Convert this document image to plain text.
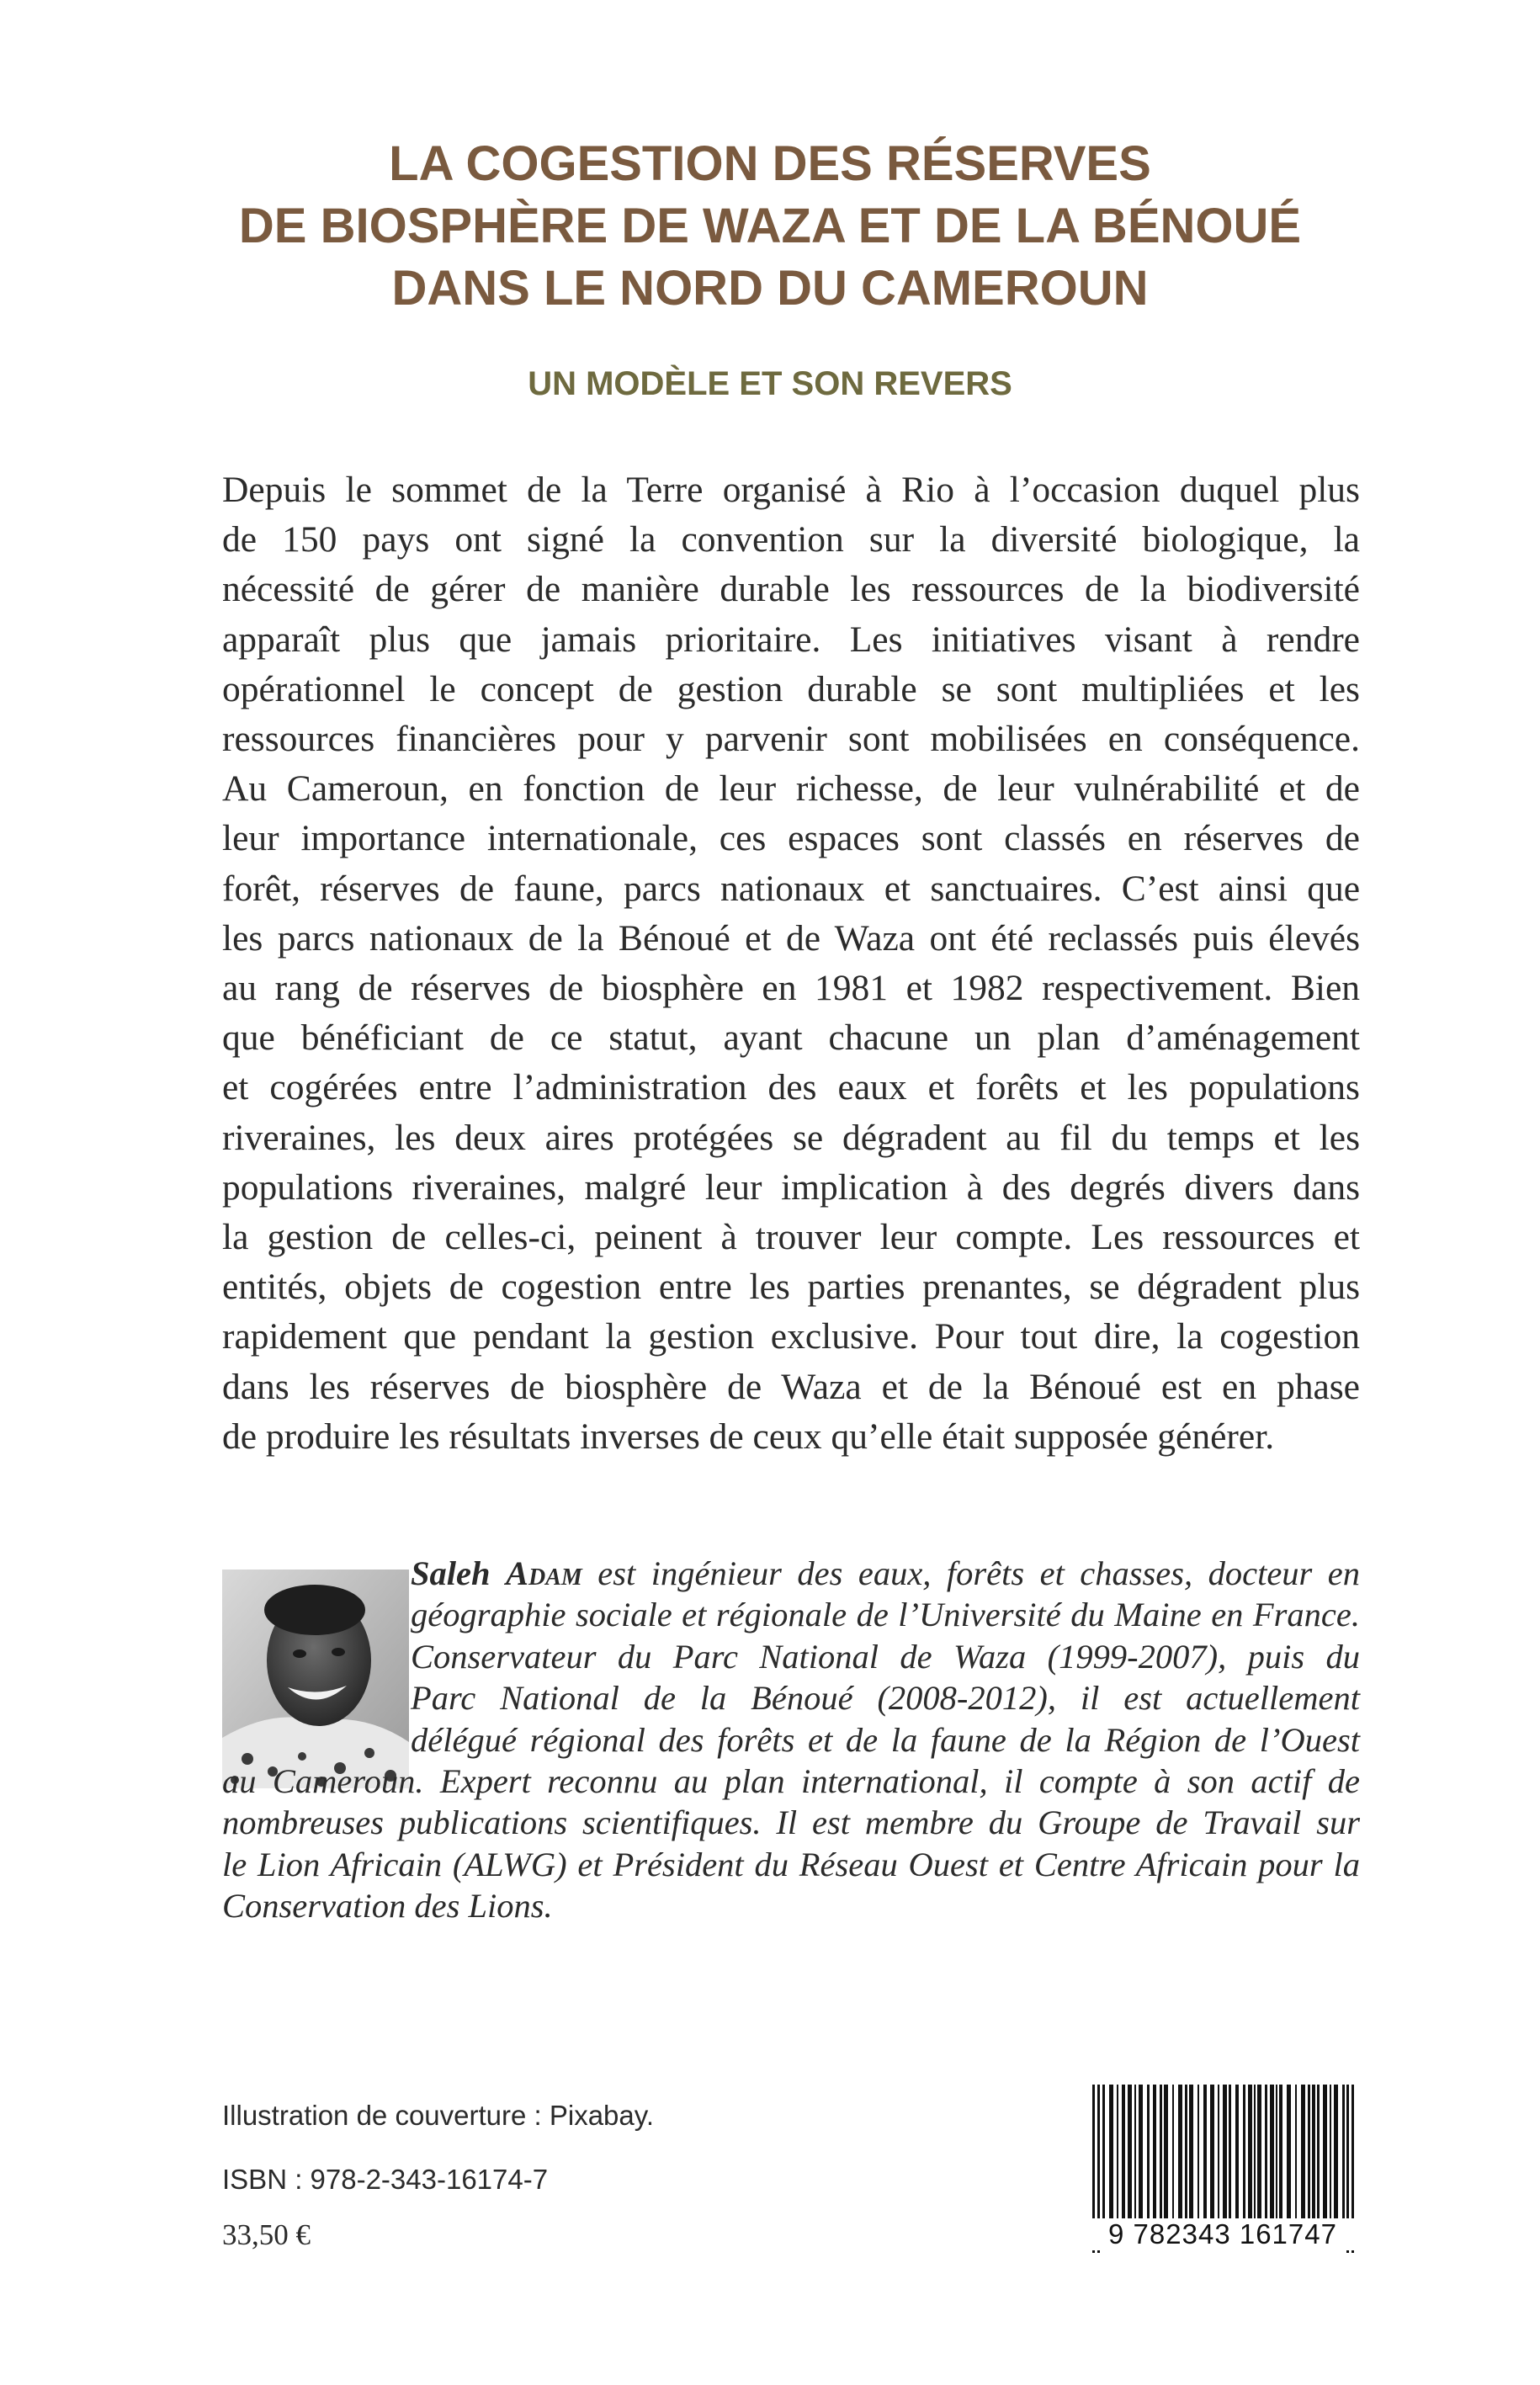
LA COGESTION DES RÉSERVES
DE BIOSPHÈRE DE WAZA ET DE LA BÉNOUÉ
DANS LE NORD DU CAMEROUN
UN MODÈLE ET SON REVERS
Depuis le sommet de la Terre organisé à Rio à l’occasion duquel plus
de 150 pays ont signé la convention sur la diversité biologique, la
nécessité de gérer de manière durable les ressources de la biodiversité
apparaît plus que jamais prioritaire. Les initiatives visant à rendre
opérationnel le concept de gestion durable se sont multipliées et les
ressources financières pour y parvenir sont mobilisées en conséquence.
Au Cameroun, en fonction de leur richesse, de leur vulnérabilité et de
leur importance internationale, ces espaces sont classés en réserves de
forêt, réserves de faune, parcs nationaux et sanctuaires. C’est ainsi que
les parcs nationaux de la Bénoué et de Waza ont été reclassés puis élevés
au rang de réserves de biosphère en 1981 et 1982 respectivement. Bien
que bénéficiant de ce statut, ayant chacune un plan d’aménagement
et cogérées entre l’administration des eaux et forêts et les populations
riveraines, les deux aires protégées se dégradent au fil du temps et les
populations riveraines, malgré leur implication à des degrés divers dans
la gestion de celles-ci, peinent à trouver leur compte. Les ressources et
entités, objets de cogestion entre les parties prenantes, se dégradent plus
rapidement que pendant la gestion exclusive. Pour tout dire, la cogestion
dans les réserves de biosphère de Waza et de la Bénoué est en phase
de produire les résultats inverses de ceux qu’elle était supposée générer.
Saleh Adam est ingénieur des eaux, forêts et chasses, docteur en
géographie sociale et régionale de l’Université du Maine en France.
Conservateur du Parc National de Waza (1999-2007), puis du
Parc National de la Bénoué (2008-2012), il est actuellement
délégué régional des forêts et de la faune de la Région de l’Ouest
au Cameroun. Expert reconnu au plan international, il compte à son actif de
nombreuses publications scientifiques. Il est membre du Groupe de Travail sur
le Lion Africain (ALWG) et Président du Réseau Ouest et Centre Africain pour la
Conservation des Lions.
Illustration de couverture : Pixabay.
ISBN : 978-2-343-16174-7
33,50 €	9 782343 161747
